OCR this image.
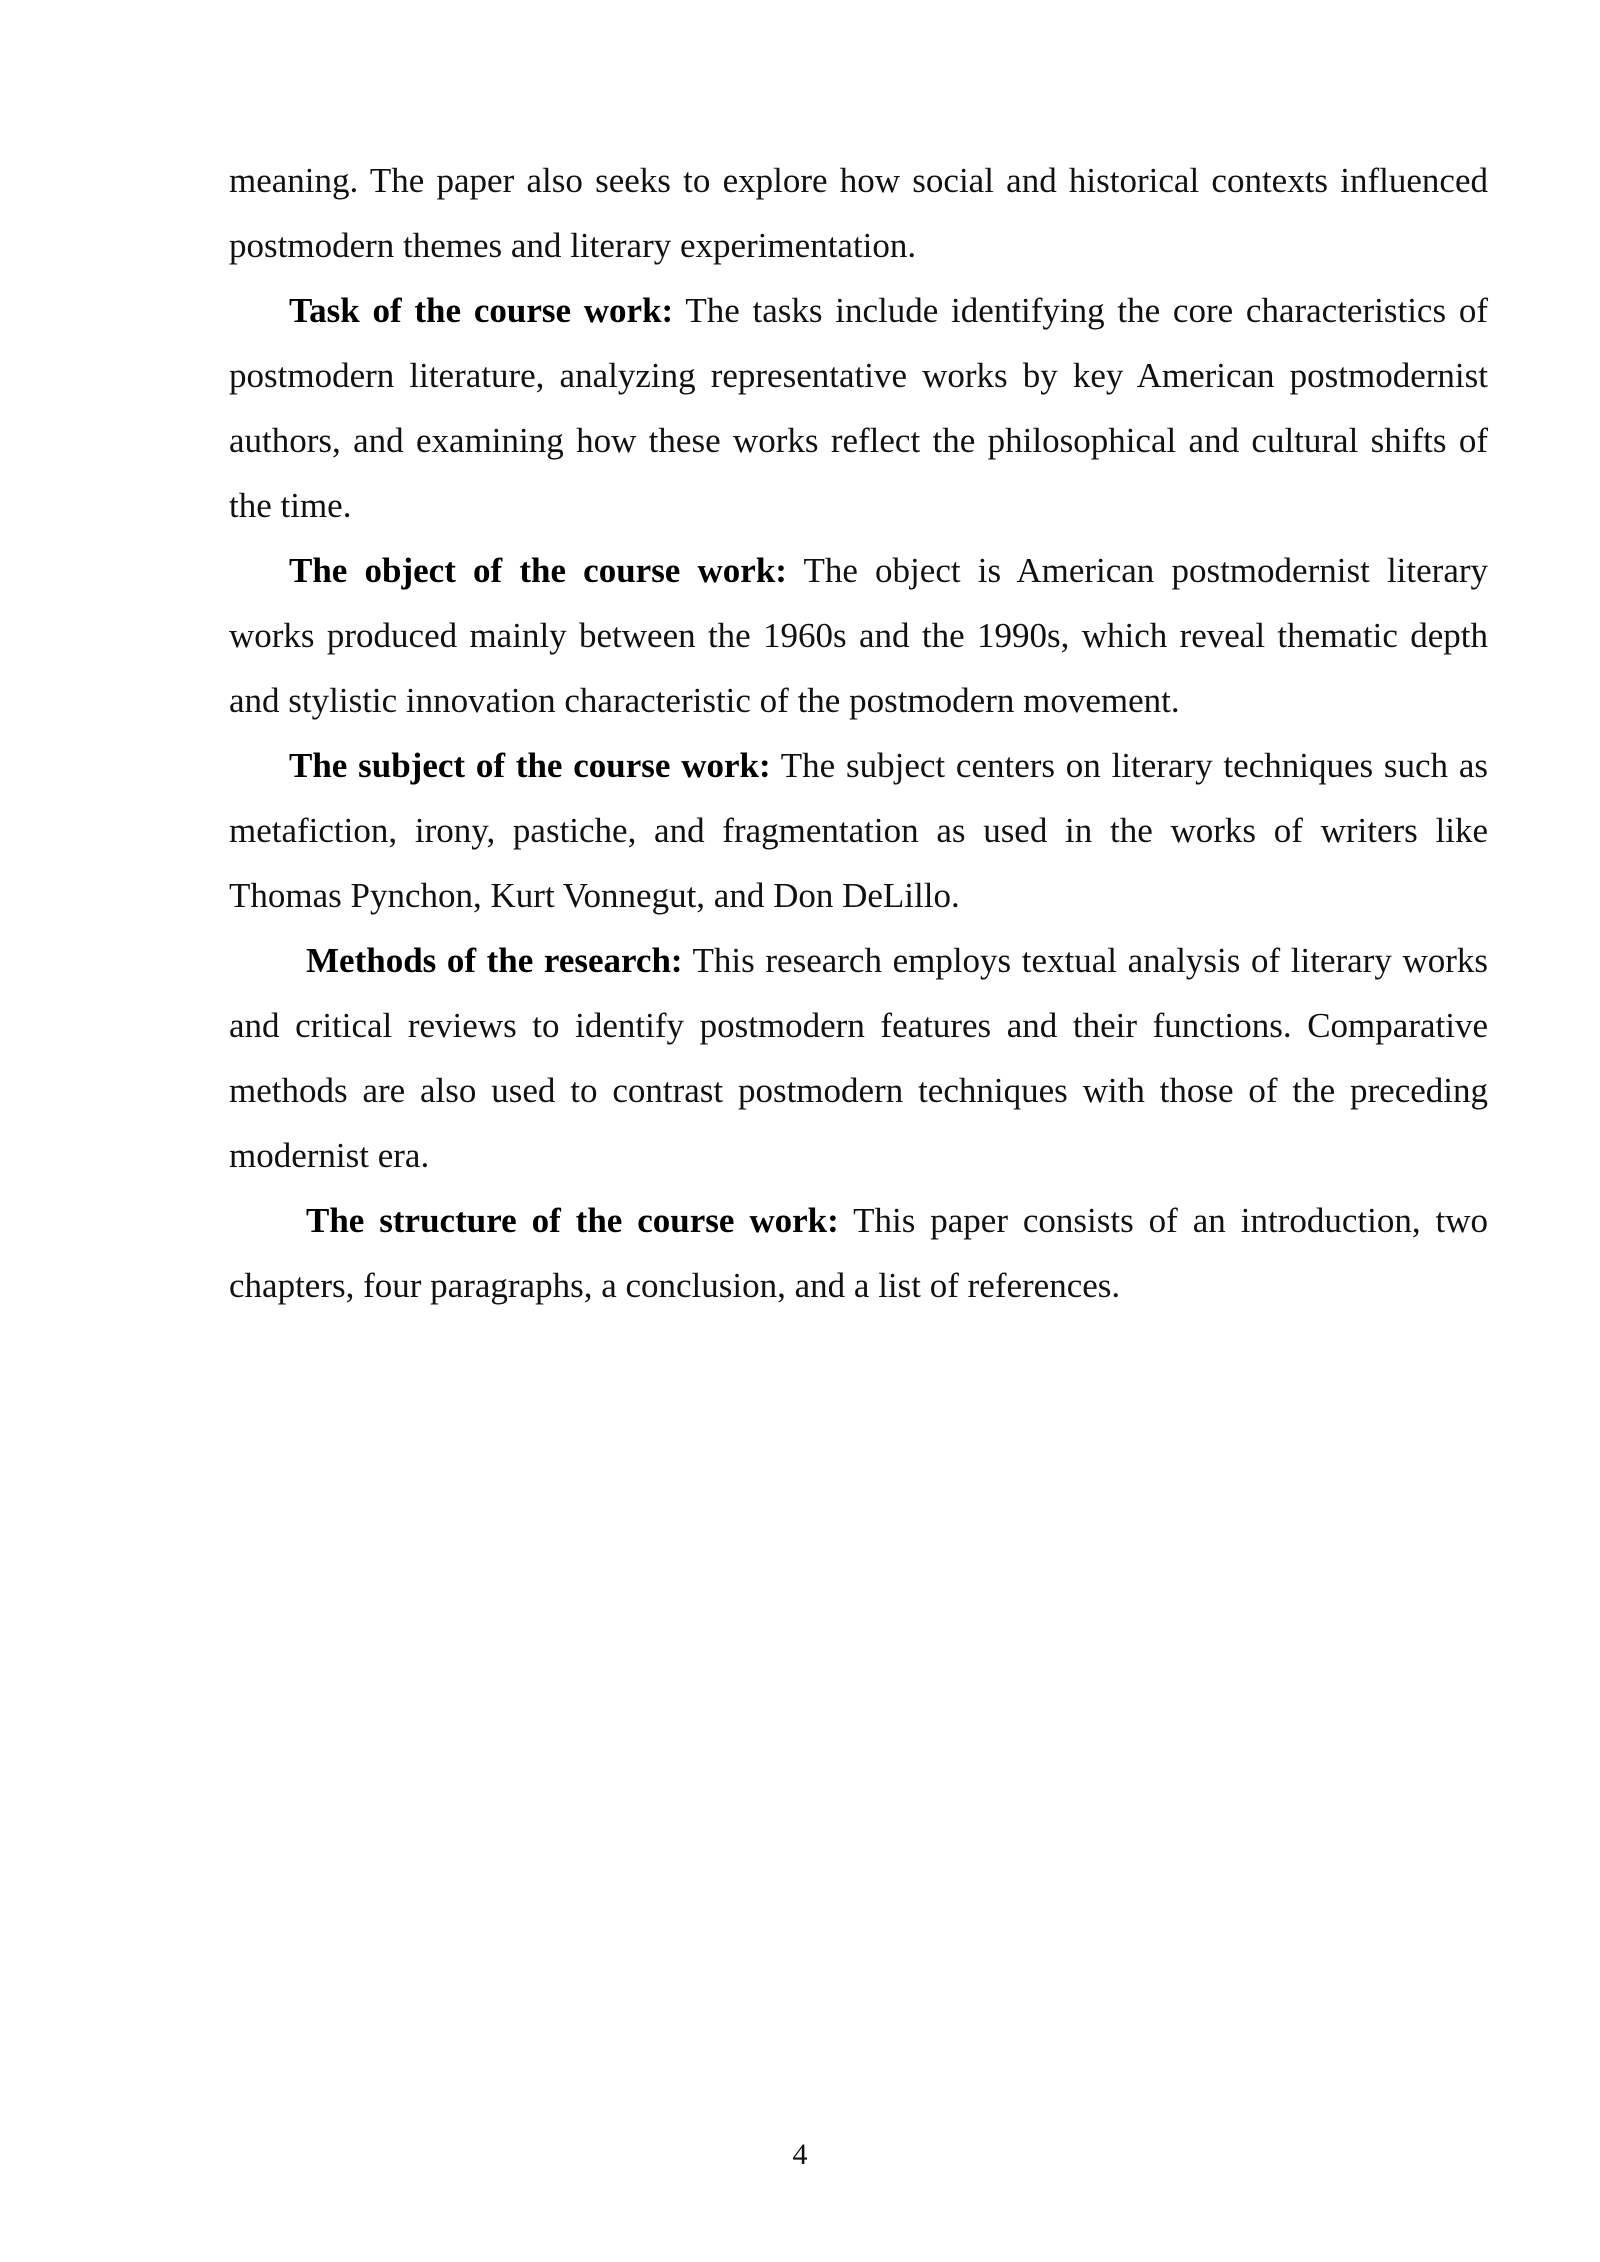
meaning. The paper also seeks to explore how social and historical contexts influenced postmodern themes and literary experimentation.

Task of the course work: The tasks include identifying the core characteristics of postmodern literature, analyzing representative works by key American postmodernist authors, and examining how these works reflect the philosophical and cultural shifts of the time.

The object of the course work: The object is American postmodernist literary works produced mainly between the 1960s and the 1990s, which reveal thematic depth and stylistic innovation characteristic of the postmodern movement.

The subject of the course work: The subject centers on literary techniques such as metafiction, irony, pastiche, and fragmentation as used in the works of writers like Thomas Pynchon, Kurt Vonnegut, and Don DeLillo.

Methods of the research: This research employs textual analysis of literary works and critical reviews to identify postmodern features and their functions. Comparative methods are also used to contrast postmodern techniques with those of the preceding modernist era.

The structure of the course work: This paper consists of an introduction, two chapters, four paragraphs, a conclusion, and a list of references.

4
